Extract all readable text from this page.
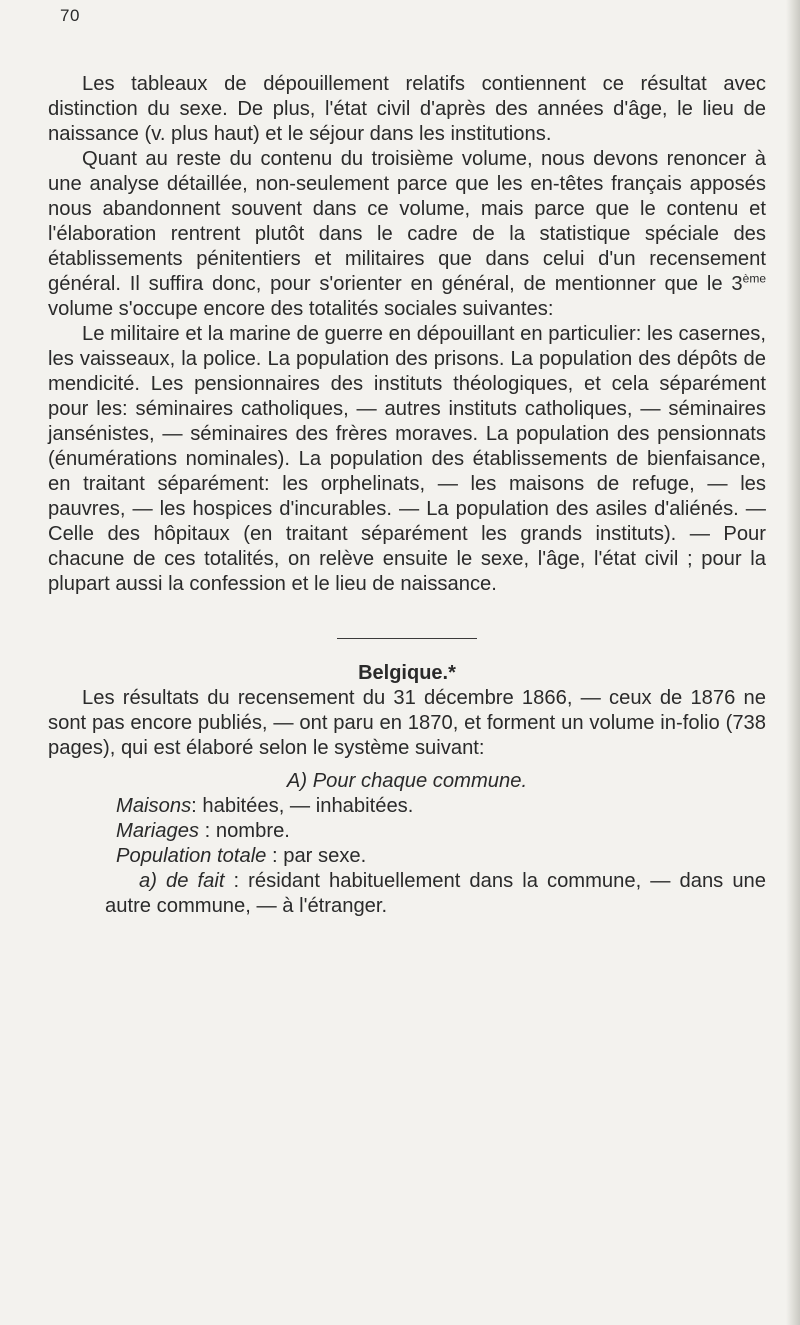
70

Les tableaux de dépouillement relatifs contiennent ce résultat avec distinction du sexe. De plus, l'état civil d'après des années d'âge, le lieu de naissance (v. plus haut) et le séjour dans les institutions.

Quant au reste du contenu du troisième volume, nous devons renoncer à une analyse détaillée, non-seulement parce que les en-têtes français apposés nous abandonnent souvent dans ce volume, mais parce que le contenu et l'élaboration rentrent plutôt dans le cadre de la statistique spéciale des établissements pénitentiers et militaires que dans celui d'un recensement général. Il suffira donc, pour s'orienter en général, de mentionner que le 3ème volume s'occupe encore des totalités sociales suivantes:

Le militaire et la marine de guerre en dépouillant en particulier: les casernes, les vaisseaux, la police. La population des prisons. La population des dépôts de mendicité. Les pensionnaires des instituts théologiques, et cela séparément pour les: séminaires catholiques, — autres instituts catholiques, — séminaires jansénistes, — séminaires des frères moraves. La population des pensionnats (énumérations nominales). La population des établissements de bienfaisance, en traitant séparément: les orphelinats, — les maisons de refuge, — les pauvres, — les hospices d'incurables. — La population des asiles d'aliénés. — Celle des hôpitaux (en traitant séparément les grands instituts). — Pour chacune de ces totalités, on relève ensuite le sexe, l'âge, l'état civil ; pour la plupart aussi la confession et le lieu de naissance.

Belgique.*

Les résultats du recensement du 31 décembre 1866, — ceux de 1876 ne sont pas encore publiés, — ont paru en 1870, et forment un volume in-folio (738 pages), qui est élaboré selon le système suivant:

A) Pour chaque commune.

Maisons: habitées, — inhabitées.

Mariages : nombre.

Population totale : par sexe.

a) de fait : résidant habituellement dans la commune, — dans une autre commune, — à l'étranger.
